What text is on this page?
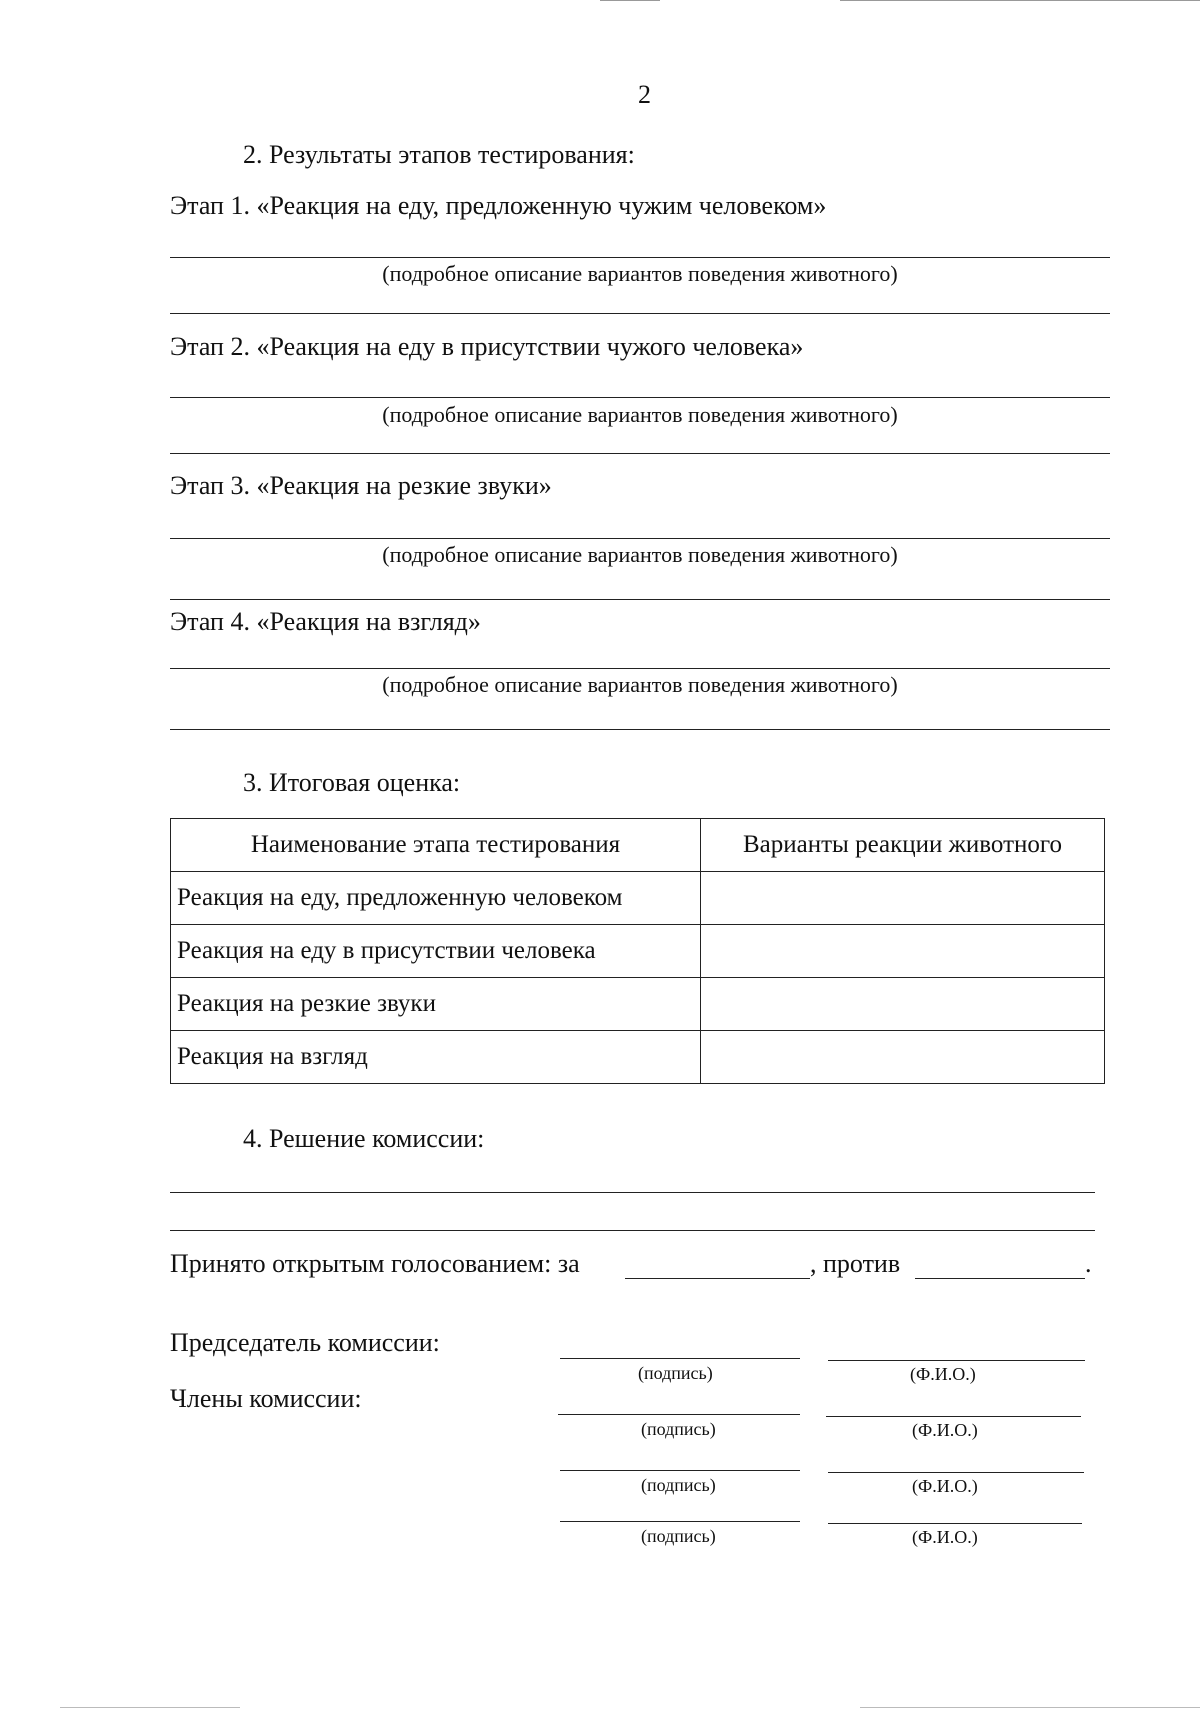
2
2. Результаты этапов тестирования:
Этап 1. «Реакция на еду, предложенную чужим человеком»
(подробное описание вариантов поведения животного)
Этап 2. «Реакция на еду в присутствии чужого человека»
(подробное описание вариантов поведения животного)
Этап 3. «Реакция на резкие звуки»
(подробное описание вариантов поведения животного)
Этап 4. «Реакция на взгляд»
(подробное описание вариантов поведения животного)
3. Итоговая оценка:
Наименование этапа тестирования	Варианты реакции животного
Реакция на еду, предложенную человеком	
Реакция на еду в присутствии человека	
Реакция на резкие звуки	
Реакция на взгляд	
4. Решение комиссии:
Принято открытым голосованием: за	, против	.
Председатель комиссии:
Члены комиссии:
(подпись)	(Ф.И.О.)
(подпись)	(Ф.И.О.)
(подпись)	(Ф.И.О.)
(подпись)	(Ф.И.О.)
